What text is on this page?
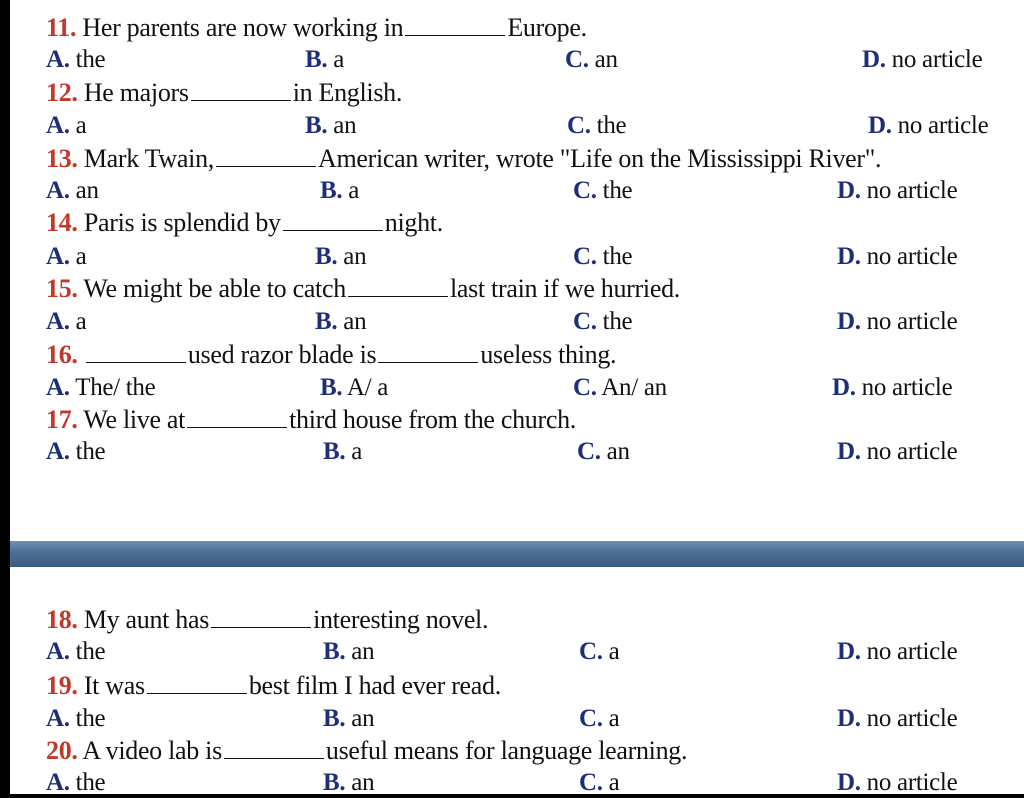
11. Her parents are now working in	Europe.
A. the	B. a	C. an	D. no article
12. He majors	in English.
A. a	B. an	C. the	D. no article
13. Mark Twain,	American writer, wrote "Life on the Mississippi River".
A. an	B. a	C. the	D. no article
14. Paris is splendid by	night.
A. a	B. an	C. the	D. no article
15. We might be able to catch	last train if we hurried.
A. a	B. an	C. the	D. no article
16.	used razor blade is	useless thing.
A. The/ the	B. A/ a	C. An/ an	D. no article
17. We live at	third house from the church.
A. the	B. a	C. an	D. no article
18. My aunt has	interesting novel.
A. the	B. an	C. a	D. no article
19. It was	best film I had ever read.
A. the	B. an	C. a	D. no article
20. A video lab is	useful means for language learning.
A. the	B. an	C. a	D. no article
